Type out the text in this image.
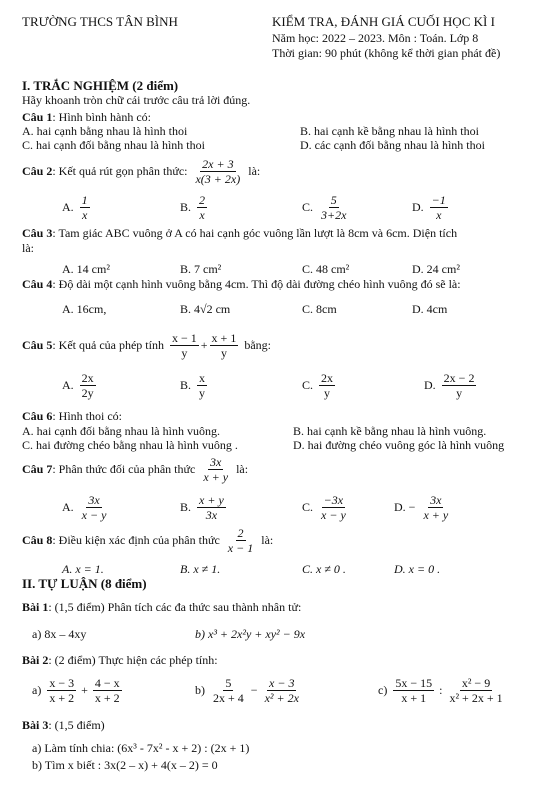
TRƯỜNG THCS TÂN BÌNH	KIỂM TRA, ĐÁNH GIÁ CUỐI HỌC KÌ I
Năm học: 2022 – 2023. Môn : Toán. Lớp 8
Thời gian: 90 phút (không kể thời gian phát đề)
I. TRẮC NGHIỆM (2 điểm)
Hãy khoanh tròn chữ cái trước câu trả lời đúng.
Câu 1: Hình bình hành có:
A. hai cạnh bằng nhau là hình thoi	B. hai cạnh kề bằng nhau là hình thoi
C. hai cạnh đối bằng nhau là hình thoi	D. các cạnh đối bằng nhau là hình thoi
Câu 2 : Kết quả rút gọn phân thức: $\frac{2x + 3}{x(3 + 2x)}$ là:
A. $\frac{1}{x}$	B. $\frac{2}{x}$	C. $\frac{5}{3+2x}$	D. $\frac{-1}{x}$
Câu 3: Tam giác ABC vuông ở A có hai cạnh góc vuông lần lượt là 8cm và 6cm. Diện tích
là:
A. 14 cm²	B. 7 cm²	C. 48 cm²	D. 24 cm²
Câu 4: Độ dài một cạnh hình vuông bằng 4cm. Thì độ dài đường chéo hình vuông đó sẽ là:
A. 16cm,	B. 4√2 cm	C. 8cm	D. 4cm
Câu 5 : Kết quả của phép tính $\frac{x - 1}{y} + \frac{x + 1}{y}$ bằng:
A. $\frac{2x}{2y}$	B. $\frac{x}{y}$	C. $\frac{2x}{y}$	D. $\frac{2x - 2}{y}$
Câu 6: Hình thoi có:
A. hai cạnh đối bằng nhau là hình vuông.	B. hai cạnh kề bằng nhau là hình vuông.
C. hai đường chéo bằng nhau là hình vuông .	D. hai đường chéo vuông góc là hình vuông
Câu 7 : Phân thức đối của phân thức $\frac{3x}{x + y}$ là:
A. $\frac{3x}{x - y}$	B. $\frac{x + y}{3x}$	C. $\frac{-3x}{x - y}$	D. − $\frac{3x}{x + y}$
Câu 8 : Điều kiện xác định của phân thức $\frac{2}{x - 1}$ là:
A. x = 1.	B. x ≠ 1.	C. x ≠ 0 .	D. x = 0 .
II. TỰ LUẬN (8 điểm)
Bài 1: (1,5 điểm) Phân tích các đa thức sau thành nhân tử:
a) 8x – 4xy	b) x³ + 2x²y + xy² − 9x
Bài 2: (2 điểm) Thực hiện các phép tính:
$a) \frac{x - 3}{x + 2} + \frac{4 - x}{x + 2}$	$b) \frac{5}{2x + 4} - \frac{x - 3}{\text{x² + 2x}}$	$c) \frac{5x - 15}{x + 1}$ : $\frac{\text{x² − 9}}{\text{x² + 2x + 1}}$
Bài 3: (1,5 điểm)
a) Làm tính chia: (6x³ - 7x² - x + 2) : (2x + 1)
b) Tìm x biết : 3x(2 – x) + 4(x – 2) = 0
